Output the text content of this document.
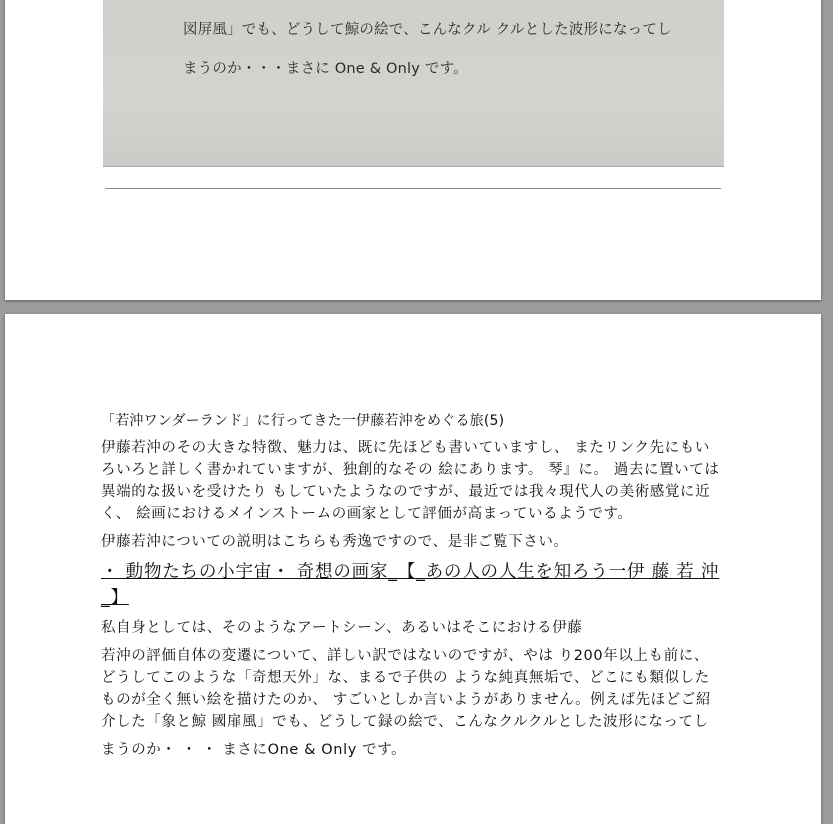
図屏風」でも、どうして鯨の絵で、こんなクル クルとした波形になってし
まうのか・・・まさに One & Only です。

「若沖ワンダーランド」に行ってきた一伊藤若沖をめぐる旅(5)

伊藤若沖のその大きな特徴、魅力は、既に先ほども書いていますし、 またリンク先にもいろいろと詳しく書かれていますが、独創的なその 絵にあります。 琴』に。 過去に置いては異端的な扱いを受けたり もしていたようなのですが、最近では我々現代人の美術感覚に近く、 絵画におけるメインストームの画家として評価が高まっているようです。

伊藤若沖についての説明はこちらも秀逸ですので、是非ご覧下さい。

・ 動物たちの小宇宙・ 奇想の画家_【_あの人の人生を知ろう一伊 藤 若 沖_】

私自身としては、そのようなアートシーン、あるいはそこにおける伊藤

若沖の評価自体の変遷について、詳しい訳ではないのですが、やは り200年以上も前に、どうしてこのような「奇想天外」な、まるで子供の ような純真無垢で、どこにも類似したものが全く無い絵を描けたのか、 すごいとしか言いようがありません。例えば先ほどご紹介した「象と鯨 國扉風」でも、どうして録の絵で、こんなクルクルとした波形になってし

まうのか・ ・ ・ まさにOne & Only です。
